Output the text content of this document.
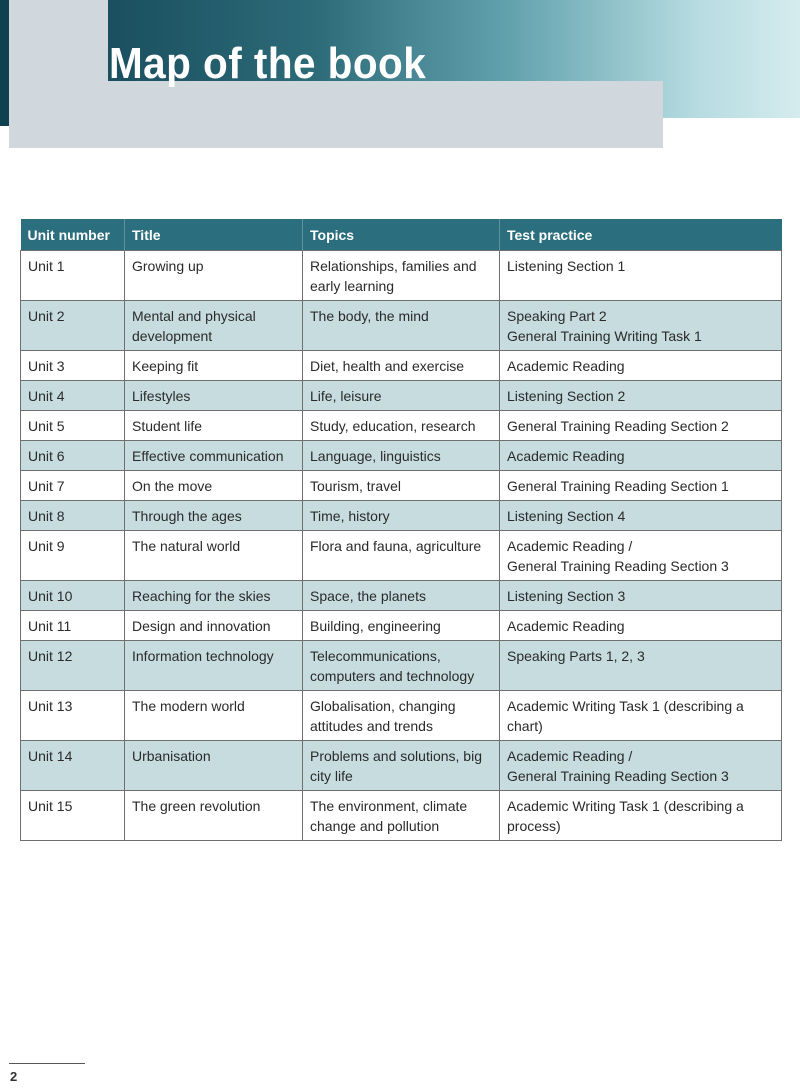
Map of the book
Unit number	Title	Topics	Test practice
Unit 1	Growing up	Relationships, families and early learning	Listening Section 1
Unit 2	Mental and physical development	The body, the mind	Speaking Part 2
General Training Writing Task 1
Unit 3	Keeping fit	Diet, health and exercise	Academic Reading
Unit 4	Lifestyles	Life, leisure	Listening Section 2
Unit 5	Student life	Study, education, research	General Training Reading Section 2
Unit 6	Effective communication	Language, linguistics	Academic Reading
Unit 7	On the move	Tourism, travel	General Training Reading Section 1
Unit 8	Through the ages	Time, history	Listening Section 4
Unit 9	The natural world	Flora and fauna, agriculture	Academic Reading /
General Training Reading Section 3
Unit 10	Reaching for the skies	Space, the planets	Listening Section 3
Unit 11	Design and innovation	Building, engineering	Academic Reading
Unit 12	Information technology	Telecommunications, computers and technology	Speaking Parts 1, 2, 3
Unit 13	The modern world	Globalisation, changing attitudes and trends	Academic Writing Task 1 (describing a chart)
Unit 14	Urbanisation	Problems and solutions, big city life	Academic Reading /
General Training Reading Section 3
Unit 15	The green revolution	The environment, climate change and pollution	Academic Writing Task 1 (describing a process)
2
